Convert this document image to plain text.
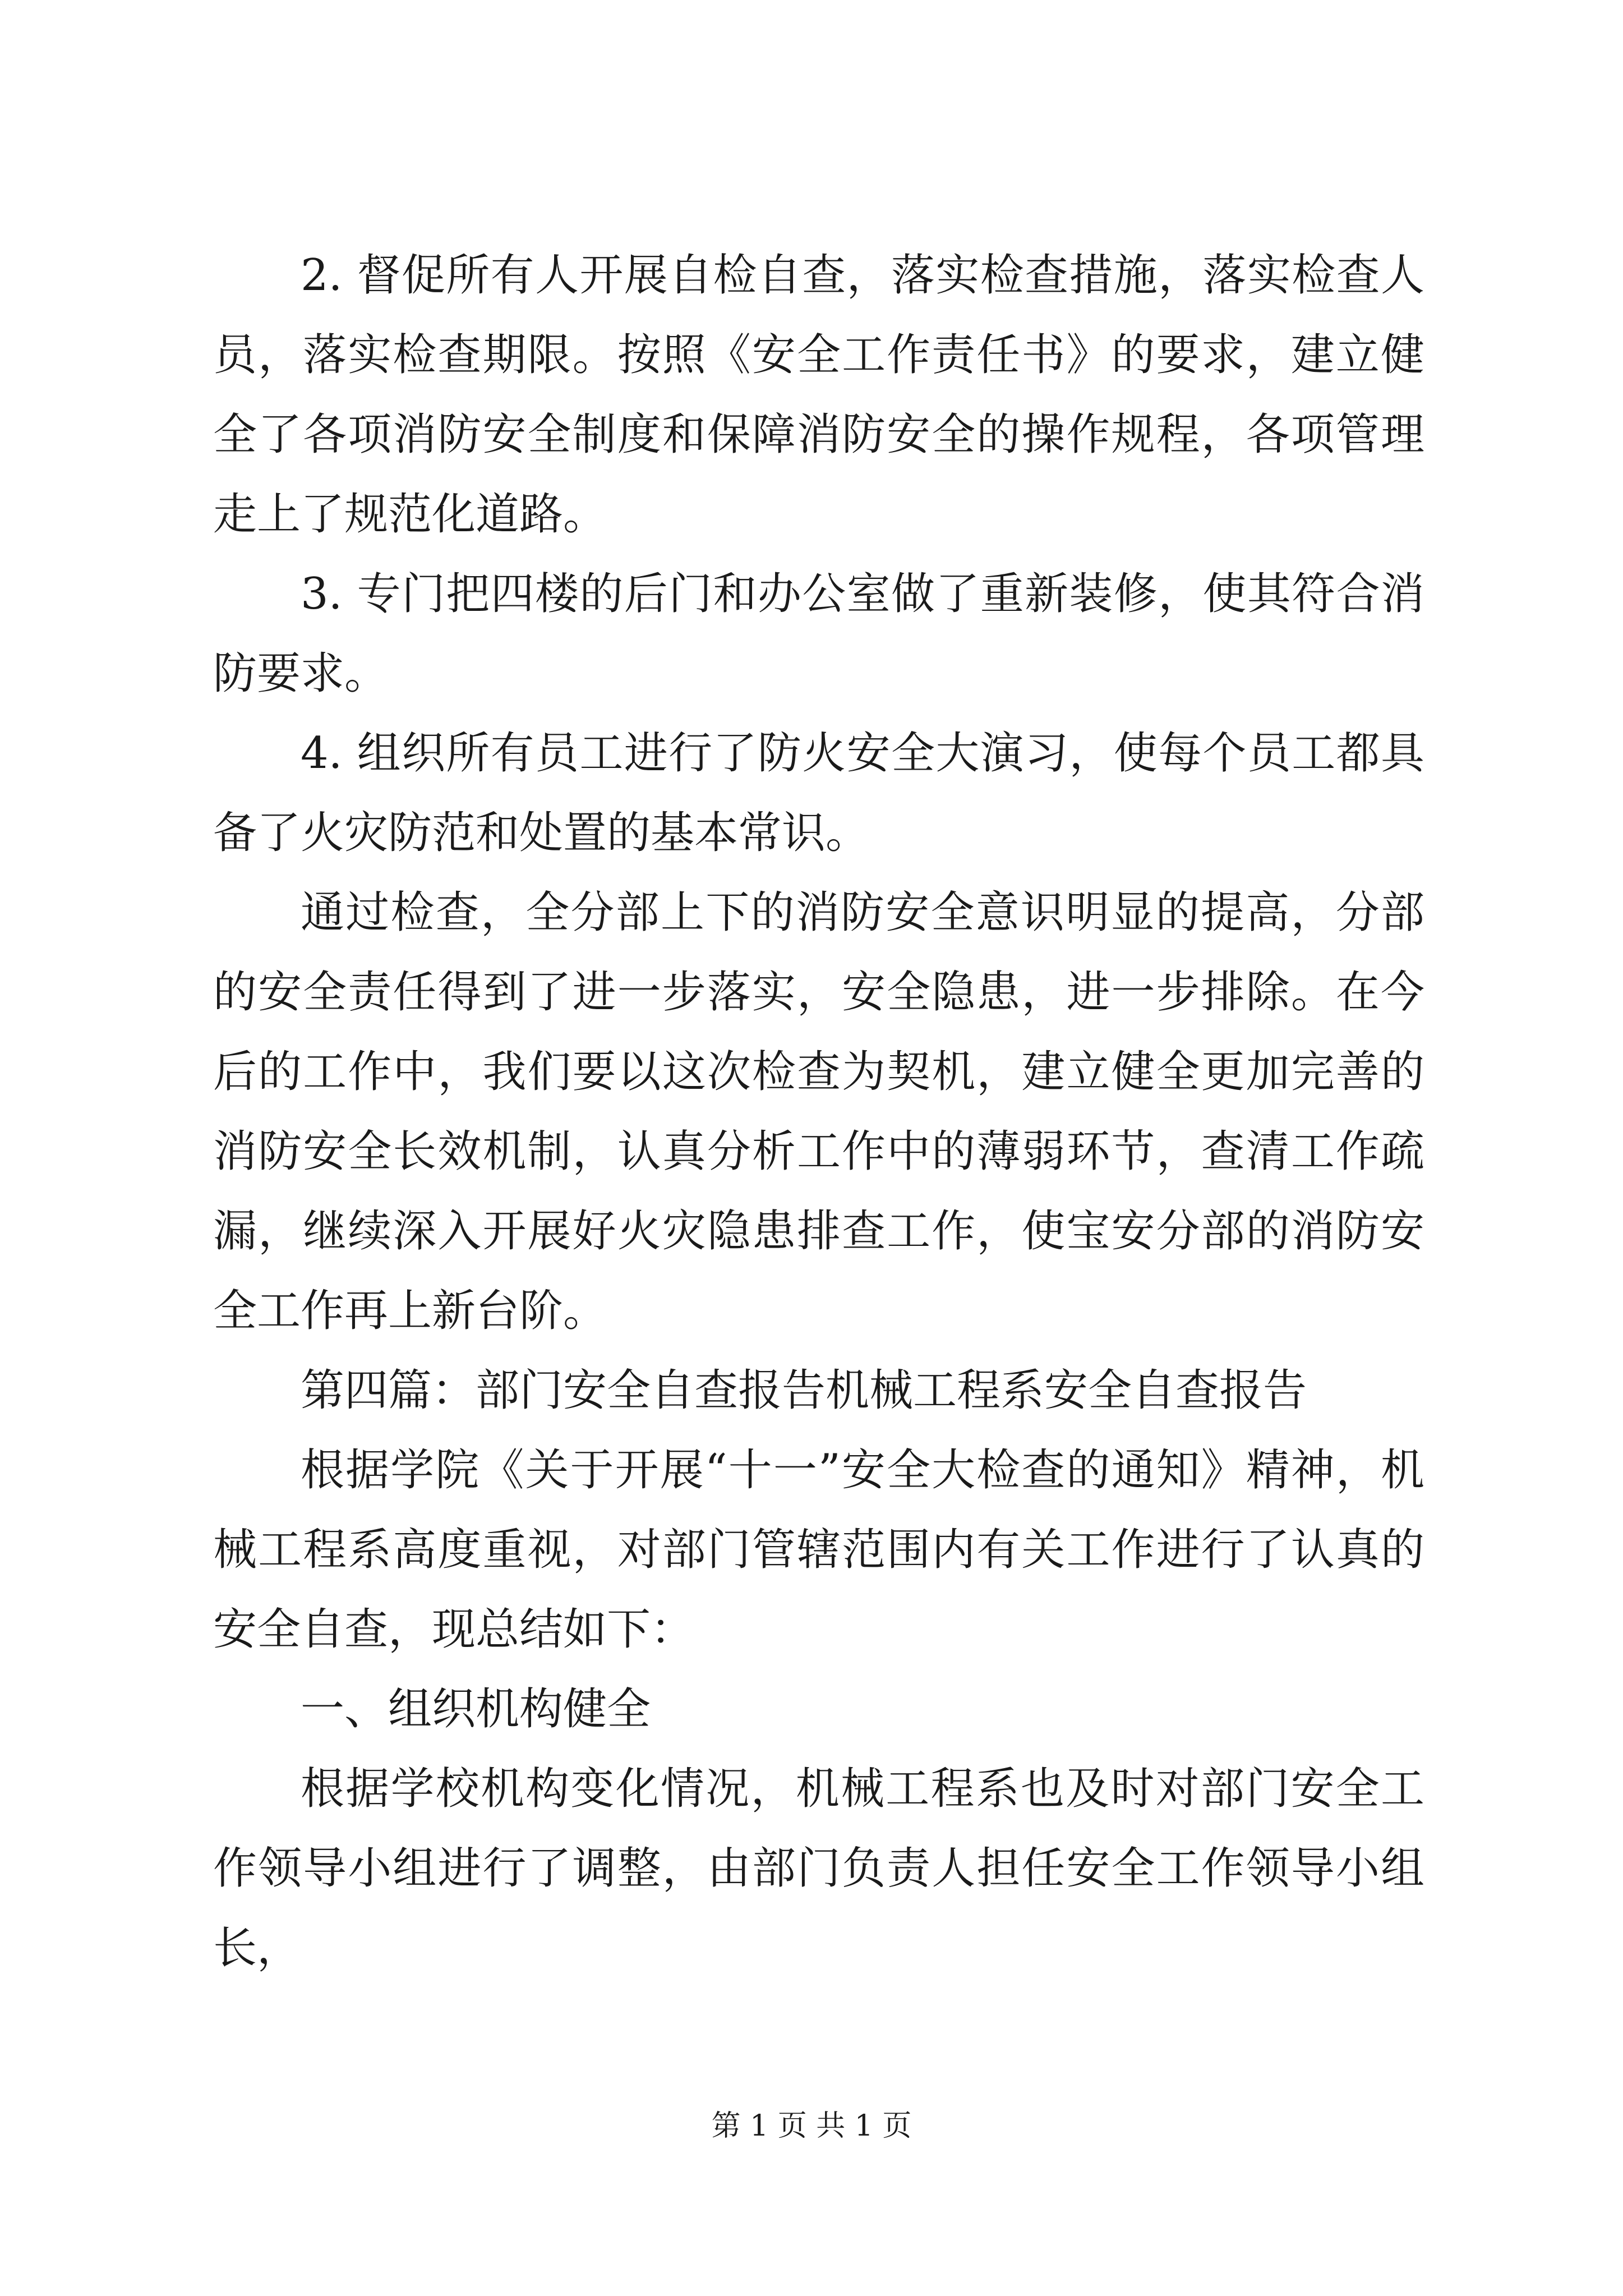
2. 督促所有人开展自检自查，落实检查措施，落实检查人员，落实检查期限。按照《安全工作责任书》的要求，建立健全了各项消防安全制度和保障消防安全的操作规程，各项管理走上了规范化道路。

3. 专门把四楼的后门和办公室做了重新装修，使其符合消防要求。

4. 组织所有员工进行了防火安全大演习，使每个员工都具备了火灾防范和处置的基本常识。

通过检查，全分部上下的消防安全意识明显的提高，分部的安全责任得到了进一步落实，安全隐患，进一步排除。在今后的工作中，我们要以这次检查为契机，建立健全更加完善的消防安全长效机制，认真分析工作中的薄弱环节，查清工作疏漏，继续深入开展好火灾隐患排查工作，使宝安分部的消防安全工作再上新台阶。

第四篇：部门安全自查报告机械工程系安全自查报告

根据学院《关于开展“十一”安全大检查的通知》精神，机械工程系高度重视，对部门管辖范围内有关工作进行了认真的安全自查，现总结如下：

一、组织机构健全

根据学校机构变化情况，机械工程系也及时对部门安全工作领导小组进行了调整，由部门负责人担任安全工作领导小组长，

第 1 页 共 1 页
